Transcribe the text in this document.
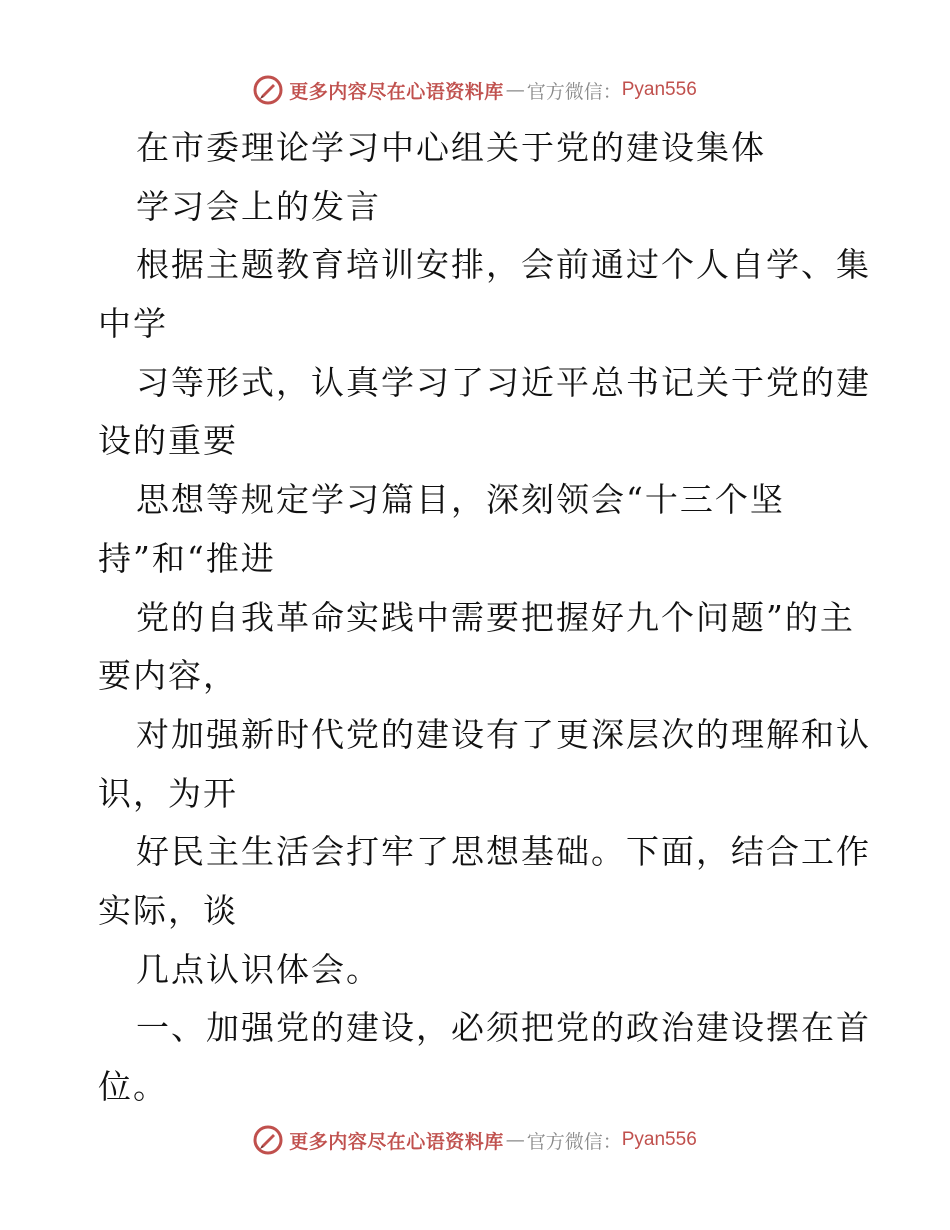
更多内容尽在心语资料库 — 官方微信： Pyan556
在市委理论学习中心组关于党的建设集体
学习会上的发言
根据主题教育培训安排，会前通过个人自学、集
中学
习等形式，认真学习了习近平总书记关于党的建
设的重要
思想等规定学习篇目，深刻领会“十三个坚
持”和“推进
党的自我革命实践中需要把握好九个问题”的主
要内容，
对加强新时代党的建设有了更深层次的理解和认
识，为开
好民主生活会打牢了思想基础。下面，结合工作
实际，谈
几点认识体会。
一、加强党的建设，必须把党的政治建设摆在首
位。
更多内容尽在心语资料库 — 官方微信： Pyan556
